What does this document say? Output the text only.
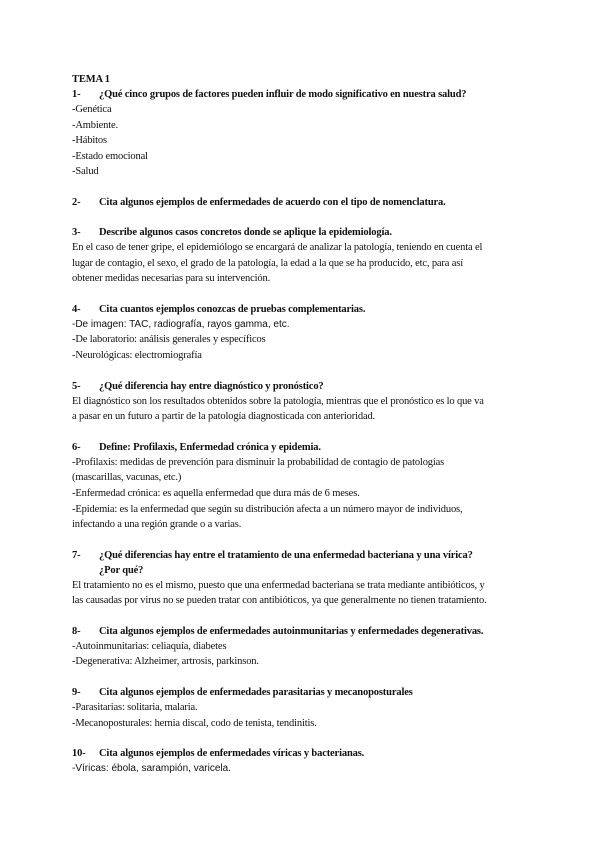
TEMA 1
1-	¿Qué cinco grupos de factores pueden influir de modo significativo en nuestra salud?
-Genética
-Ambiente.
-Hábitos
-Estado emocional
-Salud
2-	Cita algunos ejemplos de enfermedades de acuerdo con el tipo de nomenclatura.
3-	Describe algunos casos concretos donde se aplique la epidemiología.
En el caso de tener gripe, el epidemiólogo se encargará de analizar la patología, teniendo en cuenta el
lugar de contagio, el sexo, el grado de la patología, la edad a la que se ha producido, etc, para así
obtener medidas necesarias para su intervención.
4-	Cita cuantos ejemplos conozcas de pruebas complementarias.
-De imagen: TAC, radiografía, rayos gamma, etc.
-De laboratorio: análisis generales y específicos
-Neurológicas: electromiografía
5-	¿Qué diferencia hay entre diagnóstico y pronóstico?
El diagnóstico son los resultados obtenidos sobre la patología, mientras que el pronóstico es lo que va
a pasar en un futuro a partir de la patología diagnosticada con anterioridad.
6-	Define: Profilaxis, Enfermedad crónica y epidemia.
-Profilaxis: medidas de prevención para disminuir la probabilidad de contagio de patologías
(mascarillas, vacunas, etc.)
-Enfermedad crónica: es aquella enfermedad que dura más de 6 meses.
-Epidemia: es la enfermedad que según su distribución afecta a un número mayor de individuos,
infectando a una región grande o a varias.
7-	¿Qué diferencias hay entre el tratamiento de una enfermedad bacteriana y una vírica?
¿Por qué?
El tratamiento no es el mismo, puesto que una enfermedad bacteriana se trata mediante antibióticos, y
las causadas por virus no se pueden tratar con antibióticos, ya que generalmente no tienen tratamiento.
8-	Cita algunos ejemplos de enfermedades autoinmunitarias y enfermedades degenerativas.
-Autoinmunitarias: celiaquía, diabetes
-Degenerativa: Alzheimer, artrosis, parkinson.
9-	Cita algunos ejemplos de enfermedades parasitarias y mecanoposturales
-Parasitarias: solitaria, malaria.
-Mecanoposturales: hernia discal, codo de tenista, tendinitis.
10-	Cita algunos ejemplos de enfermedades víricas y bacterianas.
-Víricas: ébola, sarampión, varicela.
